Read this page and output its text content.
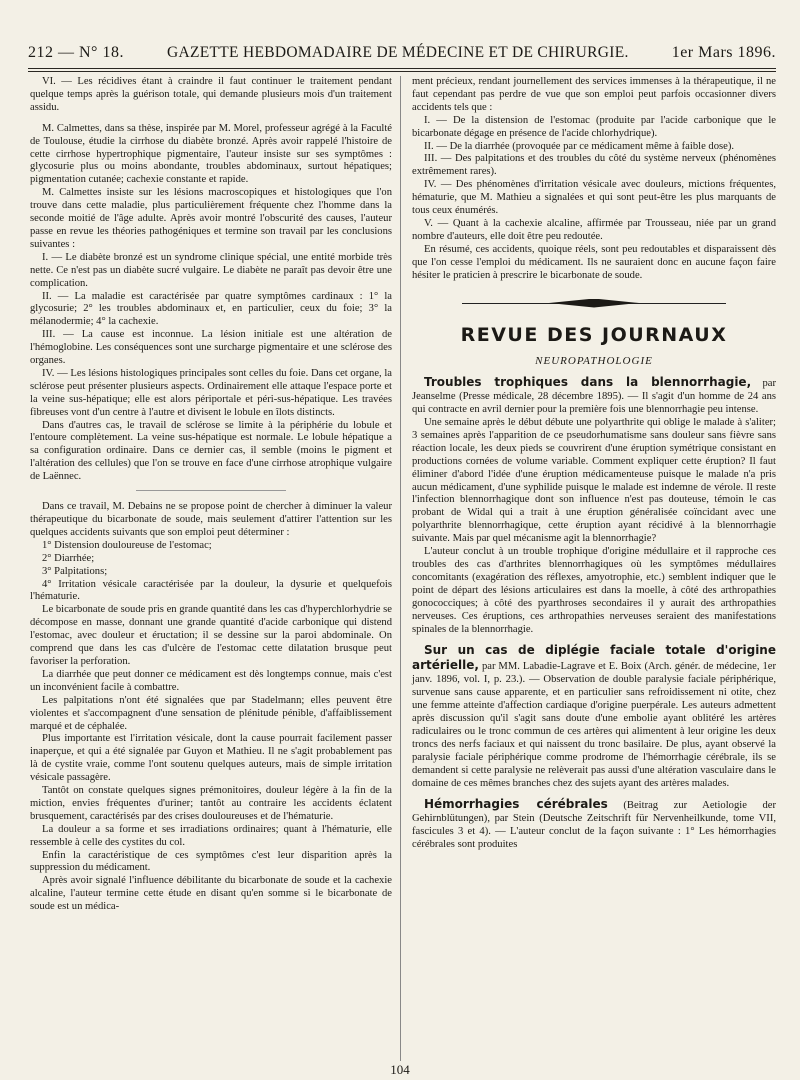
212 — N° 18.	GAZETTE HEBDOMADAIRE DE MÉDECINE ET DE CHIRURGIE.	1er Mars 1896.

VI. — Les récidives étant à craindre il faut continuer le traitement pendant quelque temps après la guérison totale, qui demande plusieurs mois d'un traitement assidu.

M. Calmettes, dans sa thèse, inspirée par M. Morel, professeur agrégé à la Faculté de Toulouse, étudie la cirrhose du diabète bronzé. Après avoir rappelé l'histoire de cette cirrhose hypertrophique pigmentaire, l'auteur insiste sur ses symptômes : glycosurie plus ou moins abondante, troubles abdominaux, surtout hépatiques; pigmentation cutanée; cachexie constante et rapide.

M. Calmettes insiste sur les lésions macroscopiques et histologiques que l'on trouve dans cette maladie, plus particulièrement fréquente chez l'homme dans la seconde moitié de l'âge adulte. Après avoir montré l'obscurité des causes, l'auteur passe en revue les théories pathogéniques et termine son travail par les conclusions suivantes :

I. — Le diabète bronzé est un syndrome clinique spécial, une entité morbide très nette. Ce n'est pas un diabète sucré vulgaire. Le diabète ne paraît pas devoir être une complication.

II. — La maladie est caractérisée par quatre symptômes cardinaux : 1° la glycosurie; 2° les troubles abdominaux et, en particulier, ceux du foie; 3° la mélanodermie; 4° la cachexie.

III. — La cause est inconnue. La lésion initiale est une altération de l'hémoglobine. Les conséquences sont une surcharge pigmentaire et une sclérose des organes.

IV. — Les lésions histologiques principales sont celles du foie. Dans cet organe, la sclérose peut présenter plusieurs aspects. Ordinairement elle attaque l'espace porte et la veine sus-hépatique; elle est alors périportale et péri-sus-hépatique. Les travées fibreuses vont d'un centre à l'autre et divisent le lobule en îlots distincts.

Dans d'autres cas, le travail de sclérose se limite à la périphérie du lobule et l'entoure complètement. La veine sus-hépatique est normale. Le lobule hépatique a sa configuration ordinaire. Dans ce dernier cas, il semble (moins le pigment et l'altération des cellules) que l'on se trouve en face d'une cirrhose atrophique vulgaire de Laënnec.

Dans ce travail, M. Debains ne se propose point de chercher à diminuer la valeur thérapeutique du bicarbonate de soude, mais seulement d'attirer l'attention sur les quelques accidents suivants que son emploi peut déterminer :

1° Distension douloureuse de l'estomac;

2° Diarrhée;

3° Palpitations;

4° Irritation vésicale caractérisée par la douleur, la dysurie et quelquefois l'hématurie.

Le bicarbonate de soude pris en grande quantité dans les cas d'hyperchlorhydrie se décompose en masse, donnant une grande quantité d'acide carbonique qui distend l'estomac, avec douleur et éructation; il se dessine sur la paroi abdominale. On comprend que dans les cas d'ulcère de l'estomac cette dilatation brusque peut favoriser la perforation.

La diarrhée que peut donner ce médicament est dès longtemps connue, mais c'est un inconvénient facile à combattre.

Les palpitations n'ont été signalées que par Stadelmann; elles peuvent être violentes et s'accompagnent d'une sensation de plénitude pénible, d'affaiblissement marqué et de céphalée.

Plus importante est l'irritation vésicale, dont la cause pourrait facilement passer inaperçue, et qui a été signalée par Guyon et Mathieu. Il ne s'agit probablement pas là de cystite vraie, comme l'ont soutenu quelques auteurs, mais de simple irritation vésicale passagère.

Tantôt on constate quelques signes prémonitoires, douleur légère à la fin de la miction, envies fréquentes d'uriner; tantôt au contraire les accidents éclatent brusquement, caractérisés par des crises douloureuses et de l'hématurie.

La douleur a sa forme et ses irradiations ordinaires; quant à l'hématurie, elle ressemble à celle des cystites du col.

Enfin la caractéristique de ces symptômes c'est leur disparition après la suppression du médicament.

Après avoir signalé l'influence débilitante du bicarbonate de soude et la cachexie alcaline, l'auteur termine cette étude en disant qu'en somme si le bicarbonate de soude est un médica-

ment précieux, rendant journellement des services immenses à la thérapeutique, il ne faut cependant pas perdre de vue que son emploi peut parfois occasionner divers accidents tels que :

I. — De la distension de l'estomac (produite par l'acide carbonique que le bicarbonate dégage en présence de l'acide chlorhydrique).

II. — De la diarrhée (provoquée par ce médicament même à faible dose).

III. — Des palpitations et des troubles du côté du système nerveux (phénomènes extrêmement rares).

IV. — Des phénomènes d'irritation vésicale avec douleurs, mictions fréquentes, hématurie, que M. Mathieu a signalées et qui sont peut-être les plus marquants de tous ceux énumérés.

V. — Quant à la cachexie alcaline, affirmée par Trousseau, niée par un grand nombre d'auteurs, elle doit être peu redoutée.

En résumé, ces accidents, quoique réels, sont peu redoutables et disparaissent dès que l'on cesse l'emploi du médicament. Ils ne sauraient donc en aucune façon faire hésiter le praticien à prescrire le bicarbonate de soude.

REVUE DES JOURNAUX
NEUROPATHOLOGIE

Troubles trophiques dans la blennorrhagie, par Jeanselme (Presse médicale, 28 décembre 1895). — Il s'agit d'un homme de 24 ans qui contracte en avril dernier pour la première fois une blennorrhagie peu intense.

Une semaine après le début débute une polyarthrite qui oblige le malade à s'aliter; 3 semaines après l'apparition de ce pseudorhumatisme sans douleur sans fièvre sans réaction locale, les deux pieds se couvrirent d'une éruption symétrique consistant en productions cornées de volume variable. Comment expliquer cette éruption? Il faut éliminer d'abord l'idée d'une éruption médicamenteuse puisque le malade n'a pris aucun médicament, d'une syphilide puisque le malade est indemne de vérole. Il reste l'infection blennorrhagique dont son influence n'est pas douteuse, témoin le cas probant de Widal qui a trait à une éruption généralisée coïncidant avec une polyarthrite blennorrhagique, cette éruption ayant récidivé à la blennorrhagie suivante. Mais par quel mécanisme agit la blennorrhagie?

L'auteur conclut à un trouble trophique d'origine médullaire et il rapproche ces troubles des cas d'arthrites blennorrhagiques où les symptômes médullaires concomitants (exagération des réflexes, amyotrophie, etc.) semblent indiquer que le point de départ des lésions articulaires est dans la moelle, à côté des arthropathies gonococciques; à côté des pyarthroses secondaires il y aurait des arthropathies nerveuses. Ces éruptions, ces arthropathies nerveuses seraient des manifestations spinales de la blennorrhagie.

Sur un cas de diplégie faciale totale d'origine artérielle, par MM. Labadie-Lagrave et E. Boix (Arch. génér. de médecine, 1er janv. 1896, vol. I, p. 23.). — Observation de double paralysie faciale périphérique, survenue sans cause apparente, et en particulier sans refroidissement ni otite, chez une femme atteinte d'affection cardiaque d'origine puerpérale. Les auteurs admettent après discussion qu'il s'agit sans doute d'une embolie ayant oblitéré les artères radiculaires ou le tronc commun de ces artères qui alimentent à leur origine les deux troncs des nerfs faciaux et qui naissent du tronc basilaire. De plus, ayant observé la paralysie faciale périphérique comme prodrome de l'hémorrhagie cérébrale, ils se demandent si cette paralysie ne relèverait pas aussi d'une altération vasculaire dans le domaine de ces mêmes branches chez des sujets ayant des artères malades.

Hémorrhagies cérébrales (Beitrag zur Aetiologie der Gehirnblütungen), par Stein (Deutsche Zeitschrift für Nervenheilkunde, tome VII, fascicules 3 et 4). — L'auteur conclut de la façon suivante : 1° Les hémorrhagies cérébrales sont produites

104
